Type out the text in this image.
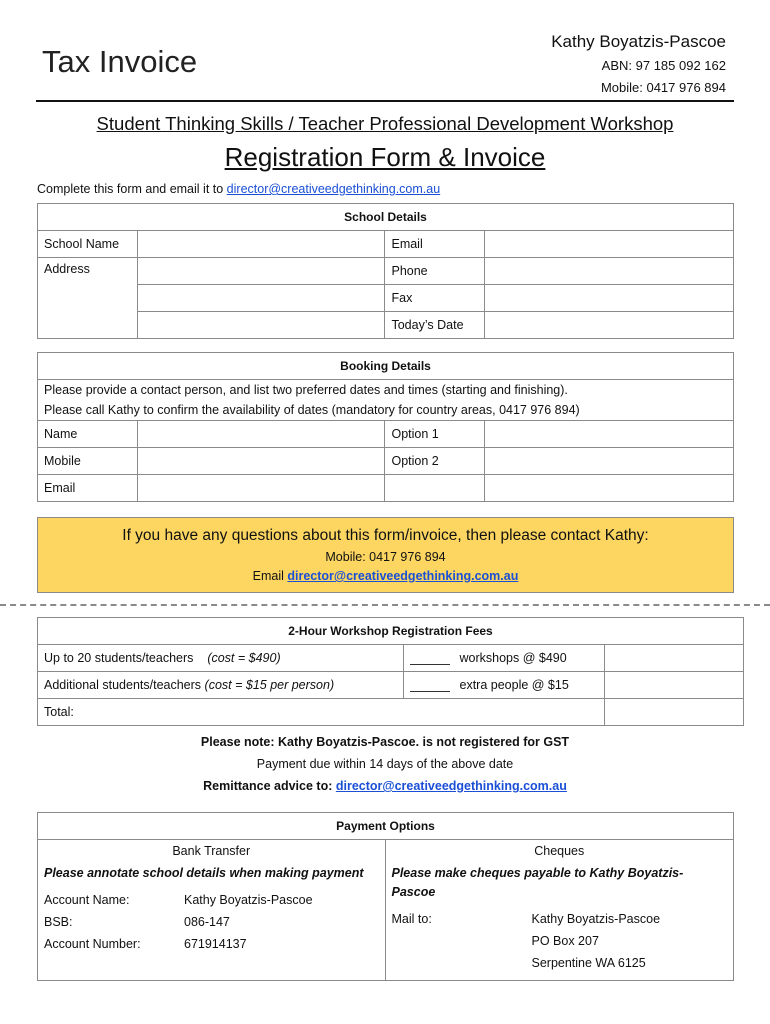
Tax Invoice
Kathy Boyatzis-Pascoe
ABN: 97 185 092 162
Mobile: 0417 976 894
Student Thinking Skills / Teacher Professional Development Workshop
Registration Form & Invoice
Complete this form and email it to director@creativeedgethinking.com.au
School Details			
School Name		Email	
Address		Phone	
	Fax	
	Today’s Date	
Booking Details			

Please provide a contact person, and list two preferred dates and times (starting and finishing).
Please call Kathy to confirm the availability of dates (mandatory for country areas, 0417 976 894)			

Name		Option 1	
Mobile		Option 2	
Email			
If you have any questions about this form/invoice, then please contact Kathy:
Mobile: 0417 976 894
Email director@creativeedgethinking.com.au
2-Hour Workshop Registration Fees		
Up to 20 students/teachers (cost = $490)	workshops @ $490	
Additional students/teachers (cost = $15 per person)	extra people @ $15	
Total:		
Please note: Kathy Boyatzis-Pascoe. is not registered for GST
Payment due within 14 days of the above date
Remittance advice to: director@creativeedgethinking.com.au
Payment Options

Bank Transfer
Please annotate school details when making payment
Account Name:	Kathy Boyatzis-Pascoe
BSB:	086-147
Account Number:	671914137

Cheques
Please make cheques payable to Kathy Boyatzis-Pascoe
Mail to:	Kathy Boyatzis-Pascoe
PO Box 207
Serpentine WA 6125
